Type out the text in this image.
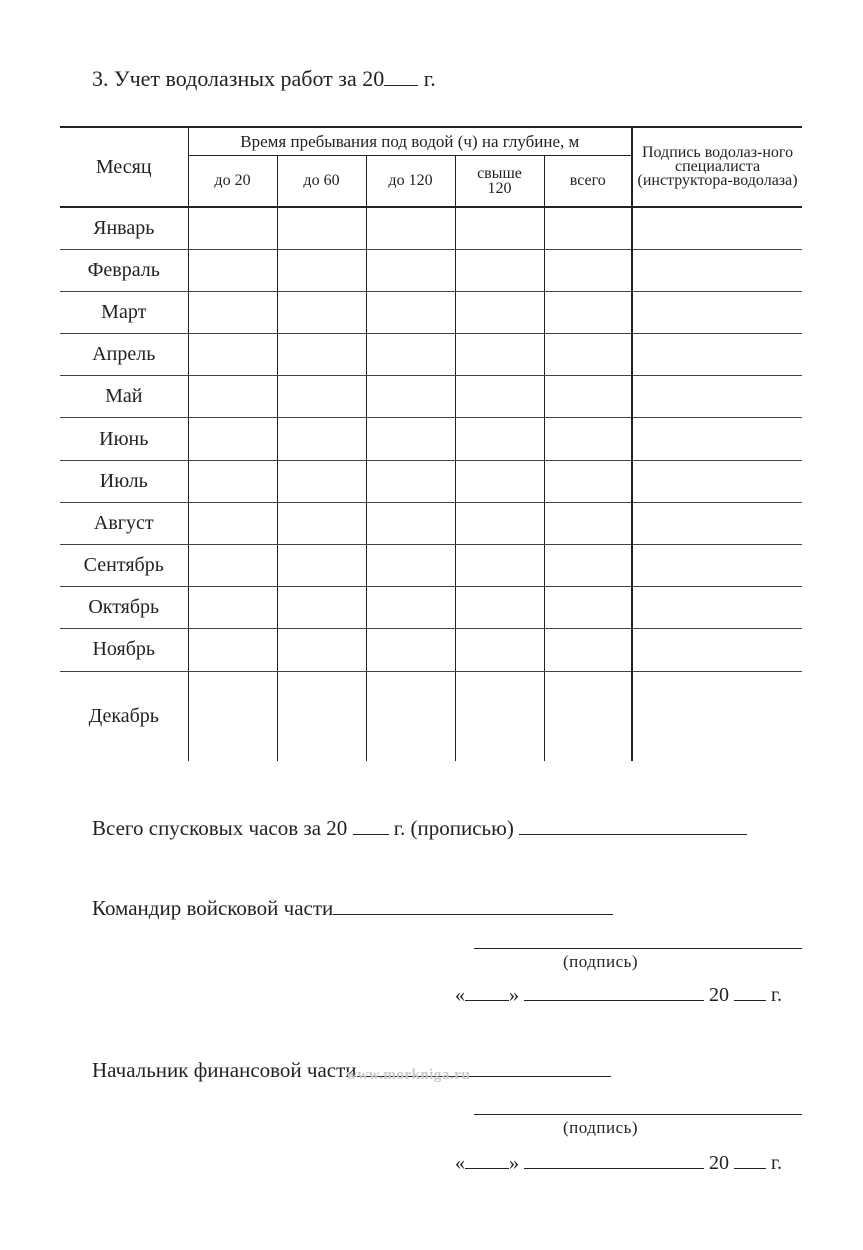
3. Учет водолазных работ за 20 г.
Месяц	Время пребывания под водой (ч) на глубине, м					Подпись водолаз-ного специалиста (инструктора-водолаза)
	до 20	до 60	до 120	свыше 120	всего	
Январь						
Февраль						
Март						
Апрель						
Май						
Июнь						
Июль						
Август						
Сентябрь						
Октябрь						
Ноябрь						
Декабрь						
Всего спусковых часов за 20 г. (прописью)
Командир войсковой части
(подпись)
« »	20 г.
Начальник финансовой части
www.morkniga.ru
(подпись)
« »	20 г.
